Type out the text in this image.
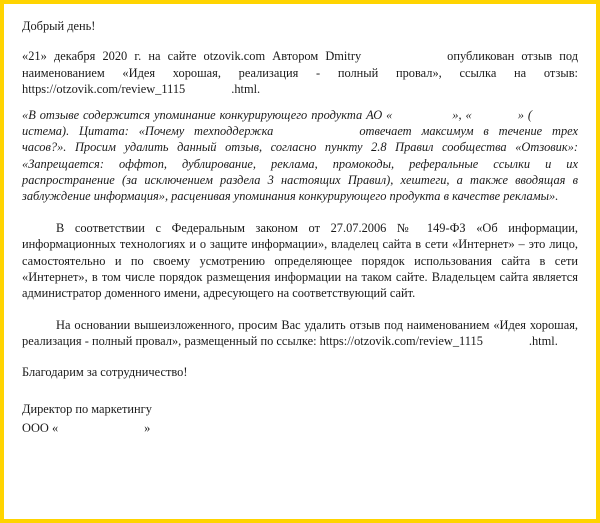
Добрый день!

«21» декабря 2020 г. на сайте otzovik.com Автором Dmitry	опубликован отзыв под наименованием «Идея хорошая, реализация - полный провал», ссылка на отзыв: https://otzovik.com/review_1115	.html.

«В отзыве содержится упоминание конкурирующего продукта АО «	», «	» (истема). Цитата: «Почему техподдержка	отвечает максимум в течение трех часов?». Просим удалить данный отзыв, согласно пункту 2.8 Правил сообщества «Отзовик»: «Запрещается: оффтоп, дублирование, реклама, промокоды, реферальные ссылки и их распространение (за исключением раздела 3 настоящих Правил), хештеги, а также вводящая в заблуждение информация», расценивая упоминания конкурирующего продукта в качестве рекламы».

В соответствии с Федеральным законом от 27.07.2006 № 149-ФЗ «Об информации, информационных технологиях и о защите информации», владелец сайта в сети «Интернет» – это лицо, самостоятельно и по своему усмотрению определяющее порядок использования сайта в сети «Интернет», в том числе порядок размещения информации на таком сайте. Владельцем сайта является администратор доменного имени, адресующего на соответствующий сайт.

На основании вышеизложенного, просим Вас удалить отзыв под наименованием «Идея хорошая, реализация - полный провал», размещенный по ссылке: https://otzovik.com/review_1115	.html.

Благодарим за сотрудничество!

Директор по маркетингу

ООО «	»
